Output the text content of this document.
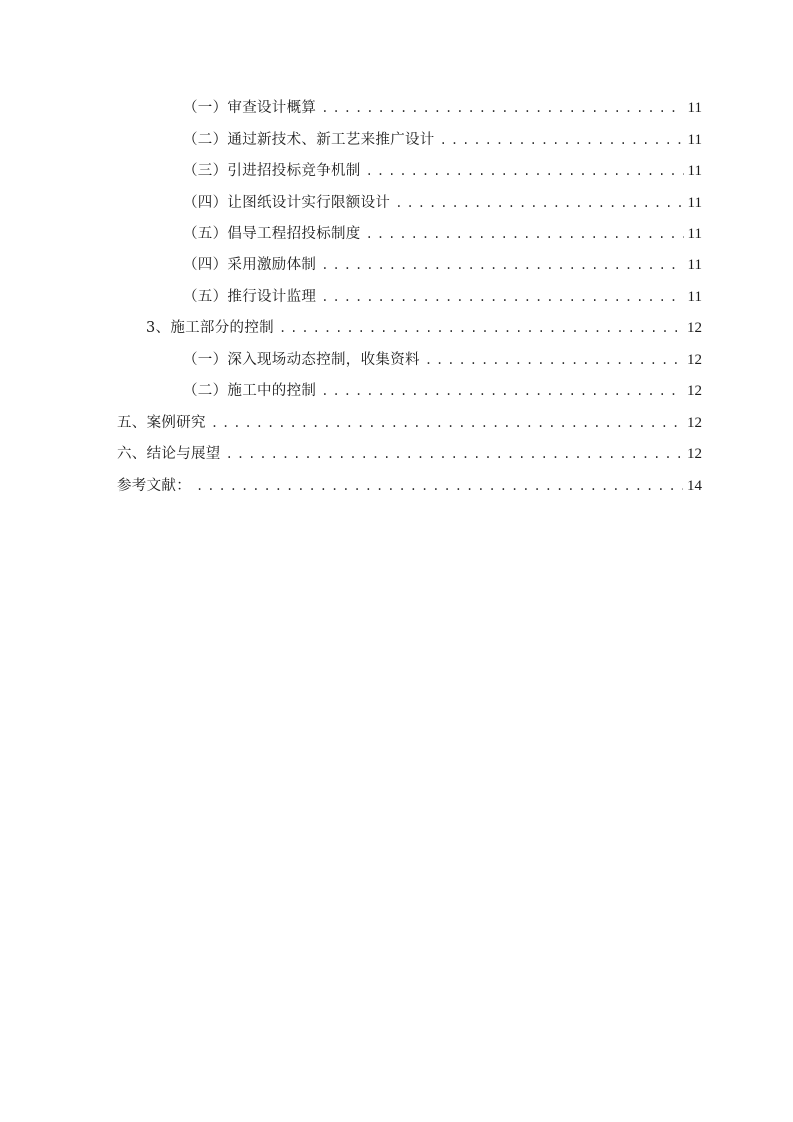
（一）审查设计概算 . . .	11
（二）通过新技术、新工艺来推广设计 . . .	11
（三）引进招投标竞争机制 . . .	11
（四）让图纸设计实行限额设计 . . .	11
（五）倡导工程招投标制度 . . .	11
（四）采用激励体制 . . .	11
（五）推行设计监理 . . .	11
3、施工部分的控制 . . .	12
（一）深入现场动态控制，收集资料 . . .	12
（二）施工中的控制 . . .	12
五、案例研究 . . .	12
六、结论与展望 . . .	12
参考文献： . . .	14
